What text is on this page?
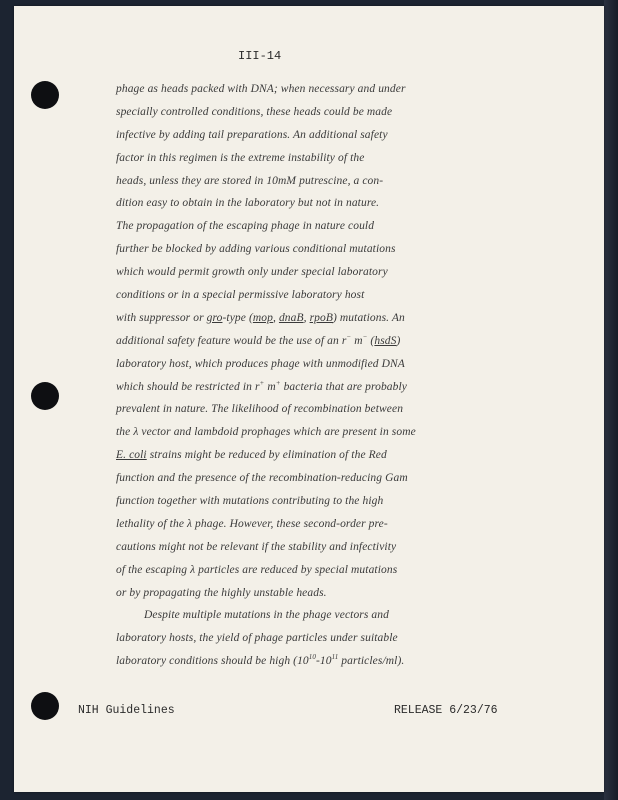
III-14
phage as heads packed with DNA; when necessary and under
specially controlled conditions, these heads could be made
infective by adding tail preparations. An additional safety
factor in this regimen is the extreme instability of the
heads, unless they are stored in 10mM putrescine, a con-
dition easy to obtain in the laboratory but not in nature.
The propagation of the escaping phage in nature could
further be blocked by adding various conditional mutations
which would permit growth only under special laboratory
conditions or in a special permissive laboratory host
with suppressor or gro-type (mop, dnaB, rpoB) mutations. An
additional safety feature would be the use of an r− m− (hsdS)
laboratory host, which produces phage with unmodified DNA
which should be restricted in r+ m+ bacteria that are probably
prevalent in nature. The likelihood of recombination between
the λ vector and lambdoid prophages which are present in some
E. coli strains might be reduced by elimination of the Red
function and the presence of the recombination-reducing Gam
function together with mutations contributing to the high
lethality of the λ phage. However, these second-order pre-
cautions might not be relevant if the stability and infectivity
of the escaping λ particles are reduced by special mutations
or by propagating the highly unstable heads.
Despite multiple mutations in the phage vectors and
laboratory hosts, the yield of phage particles under suitable
laboratory conditions should be high ($10^{10}-10^{11}$ particles/ml).
NIH Guidelines	RELEASE 6/23/76
